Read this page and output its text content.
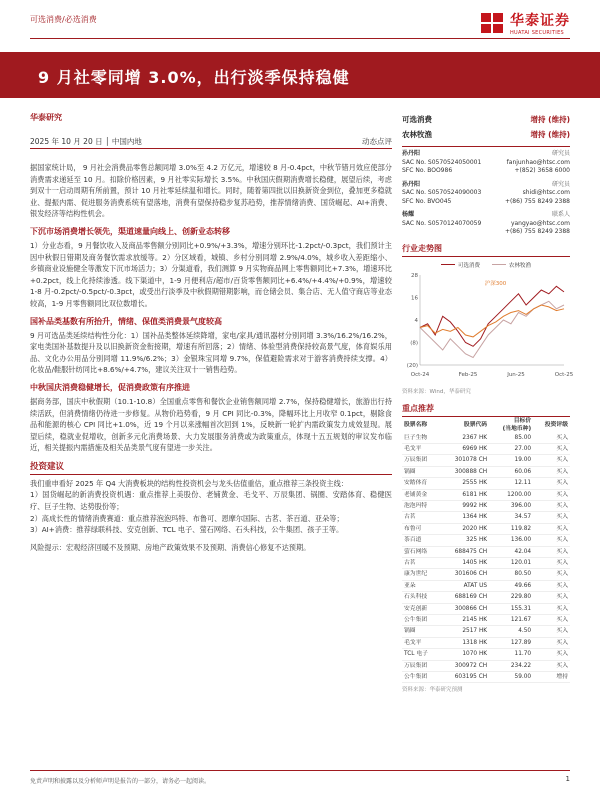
可选消费/必选消费	华泰证券
HUATAI SECURITIES
9 月社零同增 3.0%，出行淡季保持稳健
华泰研究
2025 年 10 月 20 日 │ 中国内地	动态点评

据国家统计局， 9 月社会消费品零售总额同增 3.0%至 4.2 万亿元，增速较 8 月-0.4pct，中秋节错月效应使部分消费需求递延至 10 月。扣除价格因素，9 月社零实际增长 3.5%。中秋国庆假期消费增长稳健，展望后续，考虑到双十一启动周期有所前置，预计 10 月社零延续温和增长。同时，随着第四批以旧换新资金到位，叠加更多稳就业、提振内需、促进服务消费系统有望落地，消费有望保持稳步复苏趋势，推荐情绪消费、国货崛起、AI+消费、银发经济等结构性机会。

下沉市场消费增长领先，渠道速量向线上、创新业态转移

1）分业态看，9 月餐饮收入及商品零售额分别同比+0.9%/+3.3%，增速分别环比-1.2pct/-0.3pct，我们预计主因中秋假日错期及商务餐饮需求放缓等。2）分区域看，城镇、乡村分别同增 2.9%/4.0%，城乡收入差距缩小、乡镇商业设施健全等激发下沉市场活力；3）分渠道看，我们测算 9 月实物商品网上零售额同比+7.3%，增速环比+0.2pct，线上化持续渗透。线下渠道中，1-9 月便利店/超市/百货零售额同比+6.4%/+4.4%/+0.9%，增速较 1-8 月-0.2pct/-0.5pct/-0.3pct，或受出行淡季及中秋假期错期影响，而仓储会员、集合店、无人值守商店等业态较高，1-9 月零售额同比双位数增长。

国补品类基数有所抬升，情绪、保值类消费景气度较高

9 月可选品类延续结构性分化：1）国补品类整体延续降增，家电/家具/通讯器材分别同增 3.3%/16.2%/16.2%，家电类国补基数提升及以旧换新资金衔接期，增速有所回落；2）情绪、体验型消费保持较高景气度，体育娱乐用品、文化办公用品分别同增 11.9%/6.2%；3）金银珠宝同增 9.7%，保值避险需求对于游客消费持续支撑。4）化妆品/鞋服针纺同比+8.6%/+4.7%，建议关注双十一销售趋势。

中秋国庆消费稳健增长，促消费政策有序推进

据商务部，国庆中秋假期（10.1-10.8）全国重点零售和餐饮企业销售额同增 2.7%，保持稳健增长，旅游出行持续活跃，但消费情绪仍待进一步修复。从物价趋势看，9 月 CPI 同比-0.3%，降幅环比上月收窄 0.1pct，剔除食品和能源的核心 CPI 同比+1.0%，近 19 个月以来涨幅首次回到 1%，反映新一轮扩内需政策发力成效显现。展望后续，稳就业促增收，创新多元化消费场景、大力发展服务消费或为政策重点，体现十五五规划的审议发布临近，相关提振内需措施及相关品类景气度有望进一步关注。

投资建议

我们重申看好 2025 年 Q4 大消费板块的结构性投资机会与龙头估值重估，重点推荐三条投资主线：

1）国货崛起的新消费投资机遇：重点推荐上美股份、老铺黄金、毛戈平、万辰集团、锅圈、安踏体育、稳健医疗、巨子生物、达势股份等；

2）高成长性的情绪消费赛道：重点推荐泡泡玛特、布鲁可、恩摩尔国际、古茗、茶百道、亚朵等；

3）AI+消费：推荐绿联科技、安克创新、TCL 电子、萤石网络、石头科技，公牛集团、孩子王等。

风险提示：宏观经济回暖不及预期、房地产政策效果不及预期、消费信心修复不达预期。

可选消费	增持 (维持)
农林牧渔	增持 (维持)
孙丹阳	研究员
SAC No. S0570524050001	fanjunhao@htsc.com
SFC No. BOO986	+(852) 3658 6000
孙丹阳	研究员
SAC No. S0570524090003	shidi@htsc.com
SFC No. BVO045	+(86) 755 8249 2388
杨耀	联系人
SAC No. S0570124070059	yangyao@htsc.com
+(86) 755 8249 2388
行业走势图
可选消费	农林牧渔
28
16
4
(8)
(20)
Oct-24	Feb-25	Jun-25	Oct-25
沪深300
资料来源：Wind，华泰研究
重点推荐
股票名称	股票代码	目标价
(当地币种)	投资评级
巨子生物	2367 HK	85.00	买入
毛戈平	6969 HK	27.00	买入
万辰集团	301078 CH	19.00	买入
锅圈	300888 CH	60.06	买入
安踏体育	2555 HK	12.11	买入
老铺黄金	6181 HK	1200.00	买入
泡泡玛特	9992 HK	396.00	买入
古茗	1364 HK	34.57	买入
布鲁可	2020 HK	119.82	买入
茶百道	325 HK	136.00	买入
萤石网络	688475 CH	42.04	买入
古茗	1405 HK	120.01	买入
康为世纪	301606 CH	80.50	买入
亚朵	ATAT US	49.66	买入
石头科技	688169 CH	229.80	买入
安克创新	300866 CH	155.31	买入
公牛集团	2145 HK	121.67	买入
锅圈	2517 HK	4.50	买入
毛戈平	1318 HK	127.89	买入
TCL 电子	1070 HK	11.70	买入
万辰集团	300972 CH	234.22	买入
公牛集团	603195 CH	59.00	增持
资料来源：华泰研究预测
免责声明和披露以及分析师声明是报告的一部分，请务必一起阅读。	1
